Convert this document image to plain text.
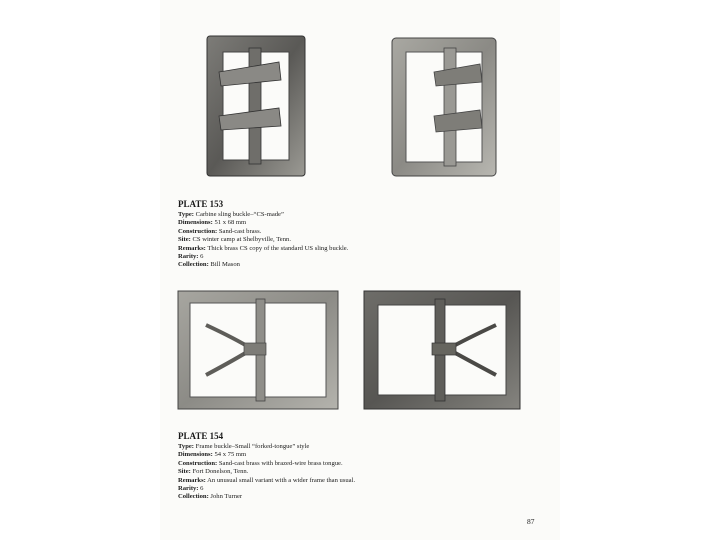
PLATE 153
Type: Carbine sling buckle–“CS-made”
Dimensions: 51 x 68 mm
Construction: Sand-cast brass.
Site: CS winter camp at Shelbyville, Tenn.
Remarks: Thick brass CS copy of the standard US sling buckle.
Rarity: 6
Collection: Bill Mason
PLATE 154
Type: Frame buckle–Small “forked-tongue” style
Dimensions: 54 x 75 mm
Construction: Sand-cast brass with brazed-wire brass tongue.
Site: Fort Donelson, Tenn.
Remarks: An unusual small variant with a wider frame than usual.
Rarity: 6
Collection: John Turner
87
